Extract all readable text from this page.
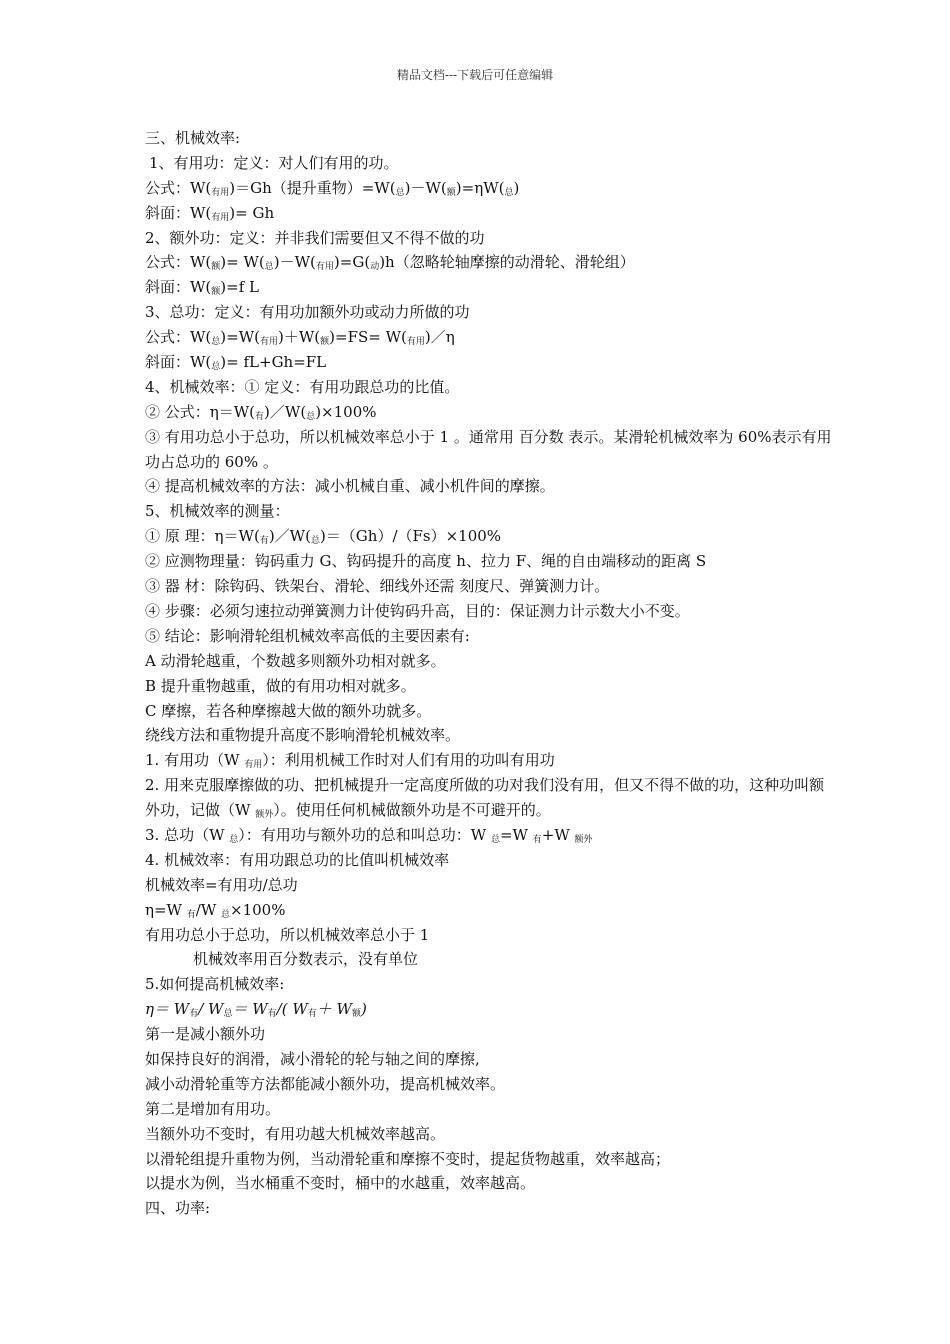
精品文档---下载后可任意编辑
三、机械效率:
1、有用功：定义：对人们有用的功。
公式：$W(_{有用})=Gh$（提升重物）$=W(_总)-W(_额)=\eta W(_总)$
斜面：$W(_{有用})= Gh$
2、额外功：定义：并非我们需要但又不得不做的功
公式：$W(_额)= W(_总)-W(_{有用})=G(_动)h$（忽略轮轴摩擦的动滑轮、滑轮组）
斜面：$W(_额)=f$ L
3、总功：定义：有用功加额外功或动力所做的功
公式：$W(_总)=W(_{有用})+W(_额)=FS=$ $W(_{有用})/\eta$
斜面：$W(_总)= fL+Gh=FL$
4、机械效率：① 定义：有用功跟总功的比值。
② 公式：$\eta=W(_有)/W(_总)\times 100\%$
③ 有用功总小于总功，所以机械效率总小于 1 。通常用 百分数 表示。某滑轮机械效率为 60%表示有用功占总功的 60% 。
④ 提高机械效率的方法：减小机械自重、减小机件间的摩擦。
5、机械效率的测量：
① 原 理：$\eta=W(_有)/W(_总)=(Gh)/(Fs)\times 100\%$
② 应测物理量：钩码重力 G、钩码提升的高度 h、拉力 F、绳的自由端移动的距离 S
③ 器 材：除钩码、铁架台、滑轮、细线外还需 刻度尺、弹簧测力计。
④ 步骤：必须匀速拉动弹簧测力计使钩码升高，目的：保证测力计示数大小不变。
⑤ 结论：影响滑轮组机械效率高低的主要因素有:
A 动滑轮越重，个数越多则额外功相对就多。
B 提升重物越重，做的有用功相对就多。
C 摩擦，若各种摩擦越大做的额外功就多。
绕线方法和重物提升高度不影响滑轮机械效率。
1. 有用功（W $_{有用}$）：利用机械工作时对人们有用的功叫有用功
2. 用来克服摩擦做的功、把机械提升一定高度所做的功对我们没有用，但又不得不做的功，这种功叫额外功，记做（W $_{额外}$）。使用任何机械做额外功是不可避开的。
3. 总功（W $_总$）：有用功与额外功的总和叫总功：W $_总$=W $_有$+W $_{额外}$
4. 机械效率：有用功跟总功的比值叫机械效率
机械效率=有用功/总功
η=W $_有$/W $_总$×100%
有用功总小于总功，所以机械效率总小于 1
机械效率用百分数表示，没有单位
5.如何提高机械效率:
$\eta= W_有/$ $W_总= W_有/$( $W_有+ W_额$)
第一是减小额外功
如保持良好的润滑，减小滑轮的轮与轴之间的摩擦,
减小动滑轮重等方法都能减小额外功，提高机械效率。
第二是增加有用功。
当额外功不变时，有用功越大机械效率越高。
以滑轮组提升重物为例，当动滑轮重和摩擦不变时，提起货物越重，效率越高；
以提水为例，当水桶重不变时，桶中的水越重，效率越高。
四、功率:
